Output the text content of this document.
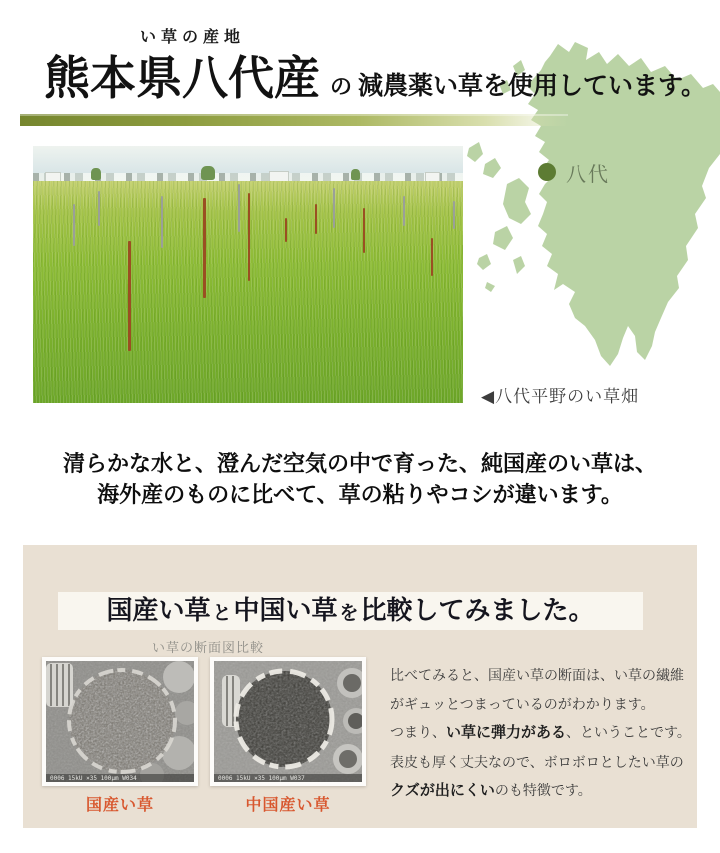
い草の産地
熊本県八代産 の 減農薬い草を使用しています。
八代
◀八代平野のい草畑
清らかな水と、澄んだ空気の中で育った、純国産のい草は、
海外産のものに比べて、草の粘りやコシが違います。
国産い草 と 中国い草 を 比較してみました。
い草の断面図比較
0006 15kU ×35 100μm W034	0006 15kU ×35 100μm W037
国産い草	中国産い草
比べてみると、国産い草の断面は、い草の繊維
がギュッとつまっているのがわかります。
つまり、い草に弾力がある、ということです。
表皮も厚く丈夫なので、ボロボロとしたい草の
クズが出にくいのも特徴です。
